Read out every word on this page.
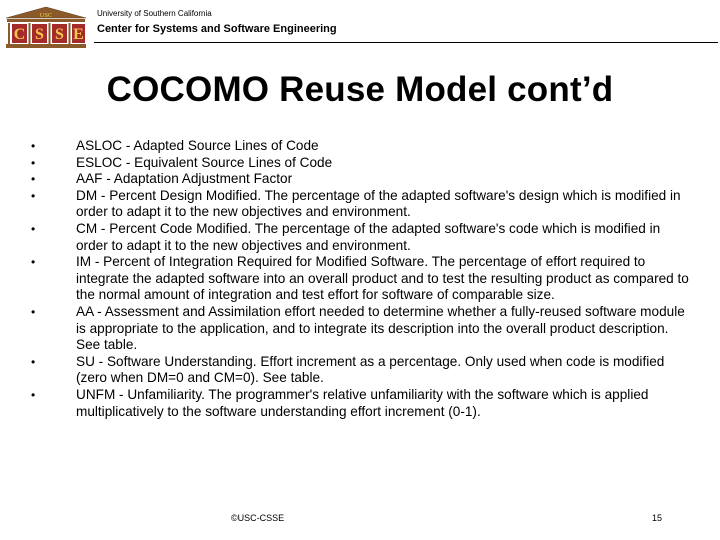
USC
C S S E
University of Southern California
Center for Systems and Software Engineering
COCOMO Reuse Model cont’d
• ASLOC - Adapted Source Lines of Code
• ESLOC - Equivalent Source Lines of Code
• AAF - Adaptation Adjustment Factor
• DM - Percent Design Modified. The percentage of the adapted software's design which is modified in order to adapt it to the new objectives and environment.
• CM - Percent Code Modified. The percentage of the adapted software's code which is modified in order to adapt it to the new objectives and environment.
• IM - Percent of Integration Required for Modified Software. The percentage of effort required to integrate the adapted software into an overall product and to test the resulting product as compared to the normal amount of integration and test effort for software of comparable size.
• AA - Assessment and Assimilation effort needed to determine whether a fully-reused software module is appropriate to the application, and to integrate its description into the overall product description. See table.
• SU - Software Understanding. Effort increment as a percentage. Only used when code is modified (zero when DM=0 and CM=0). See table.
• UNFM - Unfamiliarity. The programmer's relative unfamiliarity with the software which is applied multiplicatively to the software understanding effort increment (0-1).
©USC-CSSE	15
